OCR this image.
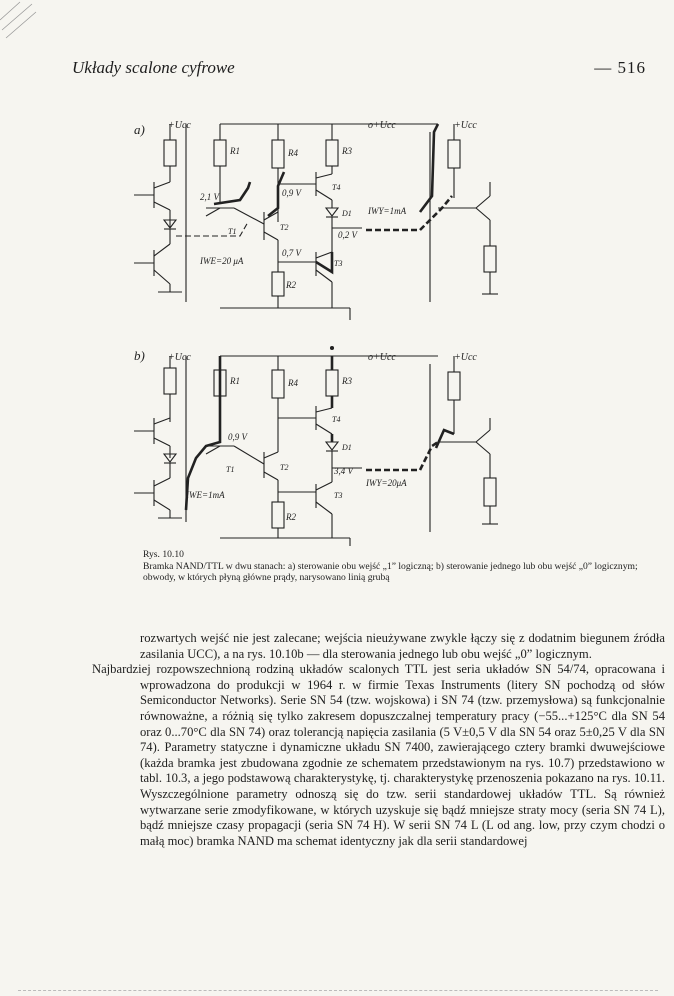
Układy scalone cyfrowe	— 516
a) +Ucc	o+Ucc	+Ucc
R1	R4	R3
R2
T1	T2
T3
T4
D1
2,1 V	0,9 V
0,2 V
0,7 V
IWE=20 μA
IWY=1mA
b) +Ucc	o+Ucc	+Ucc
R1	R4	R3
R2
T1	T2
T3
T4
D1
0,9 V
3,4 V
IWE=1mA
IWY=20μA
Rys. 10.10
Bramka NAND/TTL w dwu stanach: a) sterowanie obu wejść „1” logiczną; b) sterowanie jednego lub obu wejść „0” logicznym; obwody, w których płyną główne prądy, narysowano linią grubą

rozwartych wejść nie jest zalecane; wejścia nieużywane zwykle łączy się z dodatnim biegunem źródła zasilania UCC), a na rys. 10.10b — dla sterowania jednego lub obu wejść „0” logicznym.

Najbardziej rozpowszechnioną rodziną układów scalonych TTL jest seria układów SN 54/74, opracowana i wprowadzona do produkcji w 1964 r. w firmie Texas Instruments (litery SN pochodzą od słów Semiconductor Networks). Serie SN 54 (tzw. wojskowa) i SN 74 (tzw. przemysłowa) są funkcjonalnie równoważne, a różnią się tylko zakresem dopuszczalnej temperatury pracy (−55...+125°C dla SN 54 oraz 0...70°C dla SN 74) oraz tolerancją napięcia zasilania (5 V±0,5 V dla SN 54 oraz 5±0,25 V dla SN 74). Parametry statyczne i dynamiczne układu SN 7400, zawierającego cztery bramki dwuwejściowe (każda bramka jest zbudowana zgodnie ze schematem przedstawionym na rys. 10.7) przedstawiono w tabl. 10.3, a jego podstawową charakterystykę, tj. charakterystykę przenoszenia pokazano na rys. 10.11. Wyszczególnione parametry odnoszą się do tzw. serii standardowej układów TTL. Są również wytwarzane serie zmodyfikowane, w których uzyskuje się bądź mniejsze straty mocy (seria SN 74 L), bądź mniejsze czasy propagacji (seria SN 74 H). W serii SN 74 L (L od ang. low, przy czym chodzi o małą moc) bramka NAND ma schemat identyczny jak dla serii standardowej
